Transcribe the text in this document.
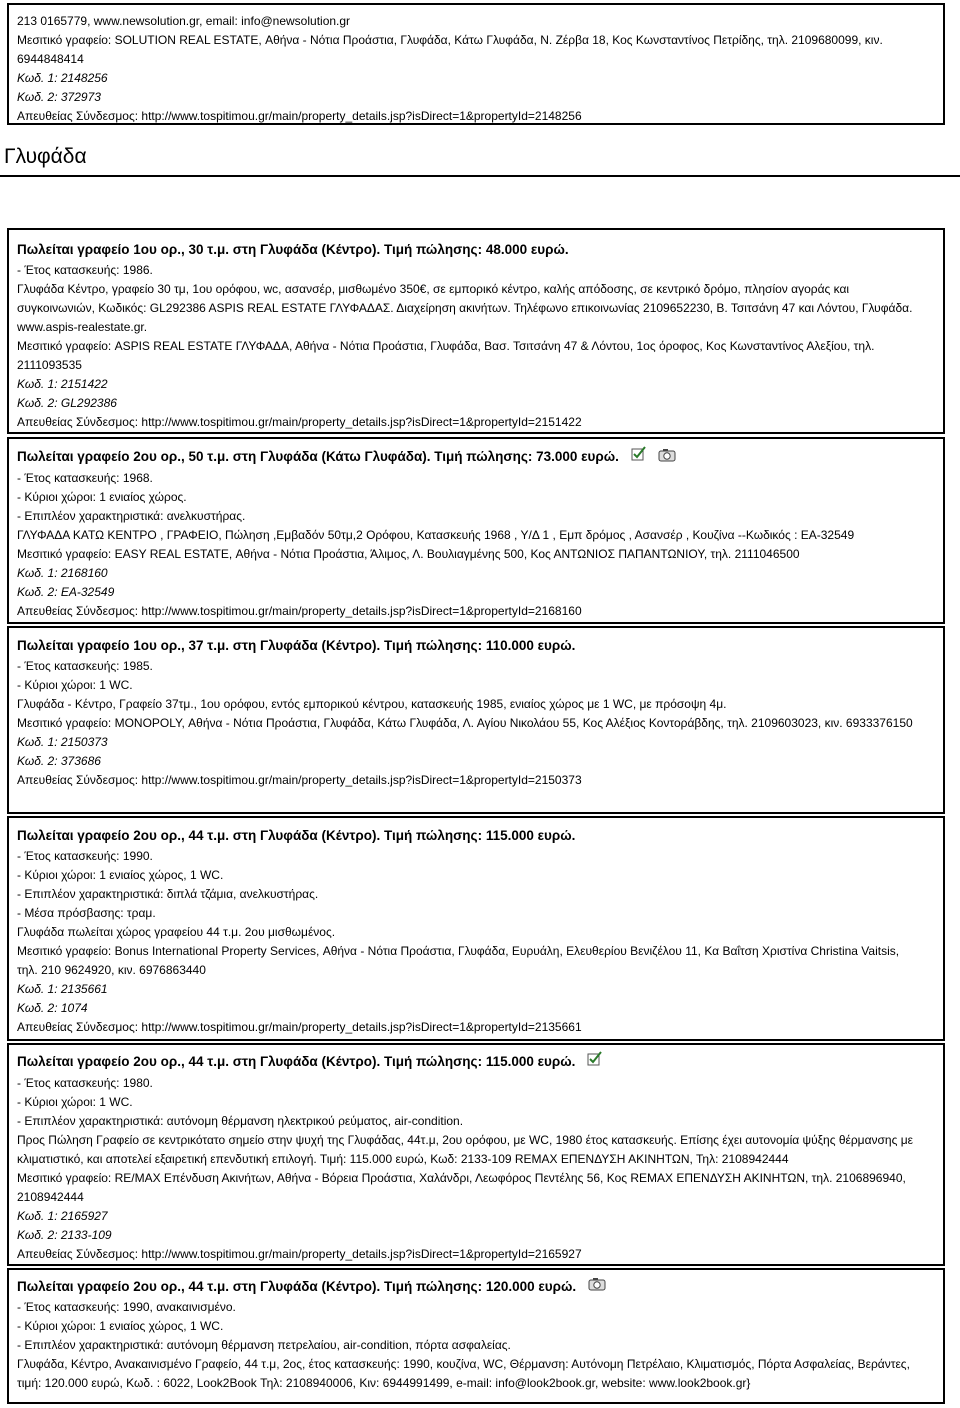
213 0165779, www.newsolution.gr, email: info@newsolution.gr
Μεσιτικό γραφείο: SOLUTION REAL ESTATE, Αθήνα - Νότια Προάστια, Γλυφάδα, Κάτω Γλυφάδα, Ν. Ζέρβα 18, Κος Κωνσταντίνος Πετρίδης, τηλ. 2109680099, κιν.
6944848414
Κωδ. 1: 2148256
Κωδ. 2: 372973
Απευθείας Σύνδεσμος: http://www.tospitimou.gr/main/property_details.jsp?isDirect=1&propertyId=2148256
Γλυφάδα
Πωλείται γραφείο 1ου ορ., 30 τ.μ. στη Γλυφάδα (Κέντρο). Τιμή πώλησης: 48.000 ευρώ.
- Έτος κατασκευής: 1986.
Γλυφάδα Κέντρο, γραφείο 30 τμ, 1ου ορόφου, wc, ασανσέρ, μισθωμένο 350€, σε εμπορικό κέντρο, καλής απόδοσης, σε κεντρικό δρόμο, πλησίον αγοράς και συγκοινωνιών, Κωδικός: GL292386 ASPIS REAL ESTATE ΓΛΥΦΑΔΑΣ. Διαχείρηση ακινήτων. Τηλέφωνο επικοινωνίας 2109652230, Β. Τσιτσάνη 47 και Λόντου, Γλυφάδα. www.aspis-realestate.gr.
Μεσιτικό γραφείο: ASPIS REAL ESTATE ΓΛΥΦΑΔΑ, Αθήνα - Νότια Προάστια, Γλυφάδα, Βασ. Τσιτσάνη 47 & Λόντου, 1ος όροφος, Κος Κωνσταντίνος Αλεξίου, τηλ. 2111093535
Κωδ. 1: 2151422
Κωδ. 2: GL292386
Απευθείας Σύνδεσμος: http://www.tospitimou.gr/main/property_details.jsp?isDirect=1&propertyId=2151422
Πωλείται γραφείο 2ου ορ., 50 τ.μ. στη Γλυφάδα (Κάτω Γλυφάδα). Τιμή πώλησης: 73.000 ευρώ.
- Έτος κατασκευής: 1968.
- Κύριοι χώροι: 1 ενιαίος χώρος.
- Επιπλέον χαρακτηριστικά: ανελκυστήρας.
ΓΛΥΦΑΔΑ ΚΑΤΩ ΚΕΝΤΡΟ , ΓΡΑΦΕΙΟ, Πώληση ,Εμβαδόν 50τμ,2 Ορόφου, Κατασκευής 1968 , Υ/Δ 1 , Εμπ δρόμος , Ασανσέρ , Κουζίνα --Κωδικός : ΕΑ-32549
Μεσιτικό γραφείο: EASY REAL ESTATE, Αθήνα - Νότια Προάστια, Άλιμος, Λ. Βουλιαγμένης 500, Κος ΑΝΤΩΝΙΟΣ ΠΑΠΑΝΤΩΝΙΟΥ, τηλ. 2111046500
Κωδ. 1: 2168160
Κωδ. 2: ΕΑ-32549
Απευθείας Σύνδεσμος: http://www.tospitimou.gr/main/property_details.jsp?isDirect=1&propertyId=2168160
Πωλείται γραφείο 1ου ορ., 37 τ.μ. στη Γλυφάδα (Κέντρο). Τιμή πώλησης: 110.000 ευρώ.
- Έτος κατασκευής: 1985.
- Κύριοι χώροι: 1 WC.
Γλυφάδα - Κέντρο, Γραφείο 37τμ., 1ου ορόφου, εντός εμπορικού κέντρου, κατασκευής 1985, ενιαίος χώρος με 1 WC, με πρόσοψη 4μ.
Μεσιτικό γραφείο: MONOPOLY, Αθήνα - Νότια Προάστια, Γλυφάδα, Κάτω Γλυφάδα, Λ. Αγίου Νικολάου 55, Κος Αλέξιος Κοντοράβδης, τηλ. 2109603023, κιν. 6933376150
Κωδ. 1: 2150373
Κωδ. 2: 373686
Απευθείας Σύνδεσμος: http://www.tospitimou.gr/main/property_details.jsp?isDirect=1&propertyId=2150373
Πωλείται γραφείο 2ου ορ., 44 τ.μ. στη Γλυφάδα (Κέντρο). Τιμή πώλησης: 115.000 ευρώ.
- Έτος κατασκευής: 1990.
- Κύριοι χώροι: 1 ενιαίος χώρος, 1 WC.
- Επιπλέον χαρακτηριστικά: διπλά τζάμια, ανελκυστήρας.
- Μέσα πρόσβασης: τραμ.
Γλυφάδα πωλείται χώρος γραφείου 44 τ.μ. 2ου μισθωμένος.
Μεσιτικό γραφείο: Bonus International Property Services, Αθήνα - Νότια Προάστια, Γλυφάδα, Ευρυάλη, Ελευθερίου Βενιζέλου 11, Κα Βαΐτση Χριστίνα Christina Vaitsis, τηλ. 210 9624920, κιν. 6976863440
Κωδ. 1: 2135661
Κωδ. 2: 1074
Απευθείας Σύνδεσμος: http://www.tospitimou.gr/main/property_details.jsp?isDirect=1&propertyId=2135661
Πωλείται γραφείο 2ου ορ., 44 τ.μ. στη Γλυφάδα (Κέντρο). Τιμή πώλησης: 115.000 ευρώ.
- Έτος κατασκευής: 1980.
- Κύριοι χώροι: 1 WC.
- Επιπλέον χαρακτηριστικά: αυτόνομη θέρμανση ηλεκτρικού ρεύματος, air-condition.
Προς Πώληση Γραφείο σε κεντρικότατο σημείο στην ψυχή της Γλυφάδας, 44τ.μ, 2ου ορόφου, με WC, 1980 έτος κατασκευής. Επίσης έχει αυτονομία ψύξης θέρμανσης με κλιματιστικό, και αποτελεί εξαιρετική επενδυτική επιλογή. Τιμή: 115.000 ευρώ, Κωδ: 2133-109 REMAX ΕΠΕΝΔΥΣΗ ΑΚΙΝΗΤΩΝ, Τηλ: 2108942444
Μεσιτικό γραφείο: RE/MAX Επένδυση Ακινήτων, Αθήνα - Βόρεια Προάστια, Χαλάνδρι, Λεωφόρος Πεντέλης 56, Κος REMAX ΕΠΕΝΔΥΣΗ ΑΚΙΝΗΤΩΝ, τηλ. 2106896940, 2108942444
Κωδ. 1: 2165927
Κωδ. 2: 2133-109
Απευθείας Σύνδεσμος: http://www.tospitimou.gr/main/property_details.jsp?isDirect=1&propertyId=2165927
Πωλείται γραφείο 2ου ορ., 44 τ.μ. στη Γλυφάδα (Κέντρο). Τιμή πώλησης: 120.000 ευρώ.
- Έτος κατασκευής: 1990, ανακαινισμένο.
- Κύριοι χώροι: 1 ενιαίος χώρος, 1 WC.
- Επιπλέον χαρακτηριστικά: αυτόνομη θέρμανση πετρελαίου, air-condition, πόρτα ασφαλείας.
Γλυφάδα, Κέντρο, Ανακαινισμένο Γραφείο, 44 τ.μ, 2ος, έτος κατασκευής: 1990, κουζίνα, WC, Θέρμανση: Αυτόνομη Πετρέλαιο, Κλιματισμός, Πόρτα Ασφαλείας, Βεράντες, τιμή: 120.000 ευρώ, Κωδ. : 6022, Look2Book Τηλ: 2108940006, Κιν: 6944991499, e-mail: info@look2book.gr, website: www.look2book.gr}
